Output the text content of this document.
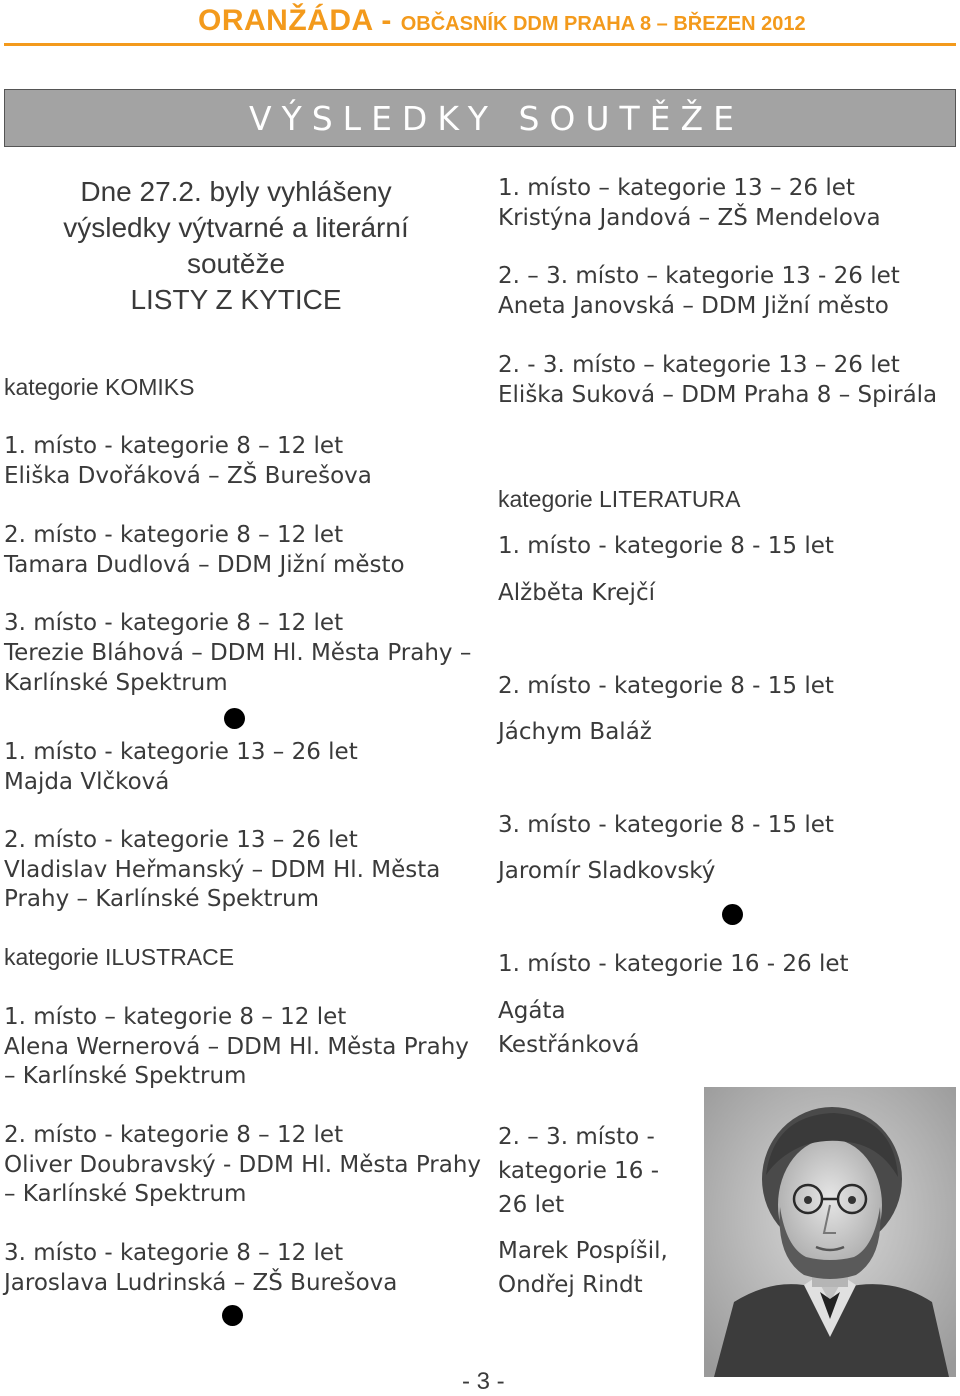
ORANŽÁDA - OBČASNÍK DDM PRAHA 8 – BŘEZEN 2012
VÝSLEDKY SOUTĚŽE
Dne 27.2. byly vyhlášeny
výsledky výtvarné a literární
soutěže
LISTY Z KYTICE
kategorie KOMIKS
1. místo - kategorie 8 – 12 let
Eliška Dvořáková – ZŠ Burešova
2. místo - kategorie 8 – 12 let
Tamara Dudlová – DDM Jižní město
3. místo - kategorie 8 – 12 let
Terezie Bláhová – DDM Hl. Města Prahy –
Karlínské Spektrum
1. místo - kategorie 13 – 26 let
Majda Vlčková
2. místo - kategorie 13 – 26 let
Vladislav Heřmanský – DDM Hl. Města
Prahy – Karlínské Spektrum
kategorie ILUSTRACE
1. místo – kategorie 8 – 12 let
Alena Wernerová – DDM Hl. Města Prahy
– Karlínské Spektrum
2. místo - kategorie 8 – 12 let
Oliver Doubravský - DDM Hl. Města Prahy
– Karlínské Spektrum
3. místo - kategorie 8 – 12 let
Jaroslava Ludrinská – ZŠ Burešova
1. místo – kategorie 13 – 26 let
Kristýna Jandová – ZŠ Mendelova
2. – 3. místo – kategorie 13 - 26 let
Aneta Janovská – DDM Jižní město
2. - 3. místo – kategorie 13 – 26 let
Eliška Suková – DDM Praha 8 – Spirála
kategorie LITERATURA
1. místo - kategorie 8 - 15 let
Alžběta Krejčí
2. místo - kategorie 8 - 15 let
Jáchym Baláž
3. místo - kategorie 8 - 15 let
Jaromír Sladkovský
1. místo - kategorie 16 - 26 let
Agáta
Kestřánková
2. – 3. místo -
kategorie 16 -
26 let
Marek Pospíšil,
Ondřej Rindt
- 3 -
